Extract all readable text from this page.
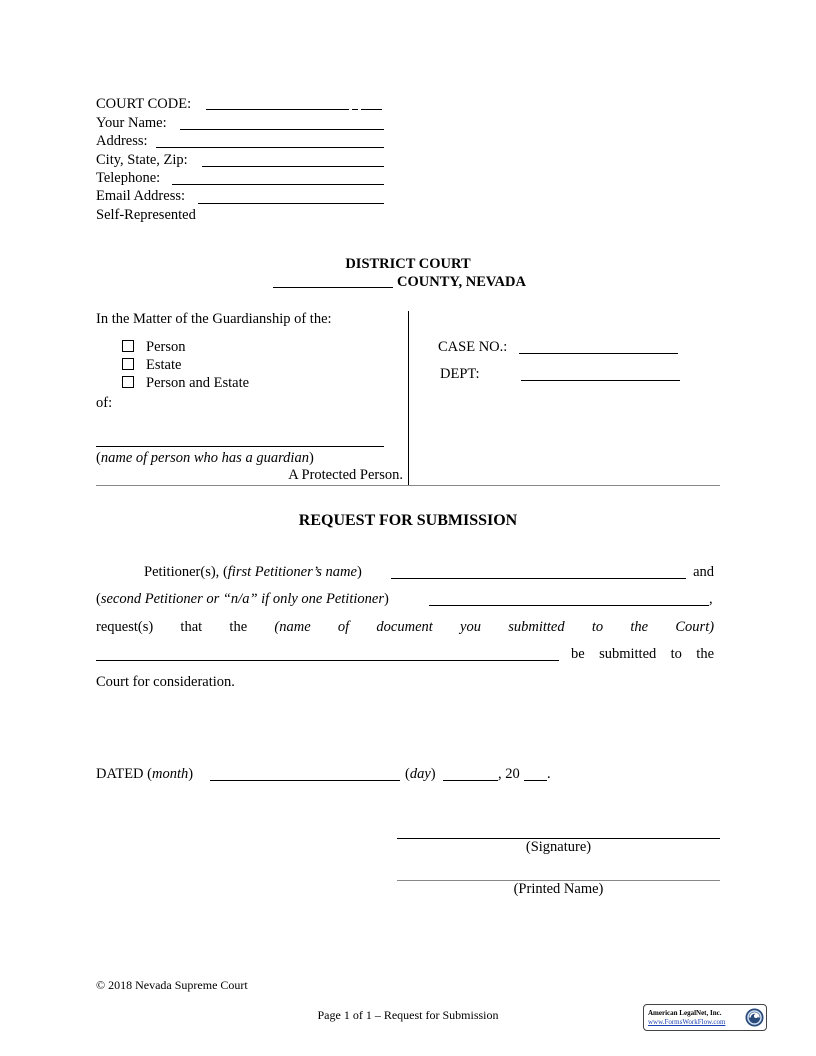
COURT CODE:
Your Name:
Address:
City, State, Zip:
Telephone:
Email Address:
Self-Represented
DISTRICT COURT
COUNTY, NEVADA
In the Matter of the Guardianship of the:
Person
Estate
Person and Estate
of:
(name of person who has a guardian)
A Protected Person.
CASE NO.:
DEPT:
REQUEST FOR SUBMISSION
Petitioner(s), (first Petitioner’s name)	and
(second Petitioner or “n/a” if only one Petitioner)	,
request(s) that the (name of document you submitted to the Court)
be submitted to the
Court for consideration.
DATED (month)	(day)	, 20 .
(Signature)
(Printed Name)
© 2018 Nevada Supreme Court
Page 1 of 1 – Request for Submission	American LegalNet, Inc.
www.FormsWorkFlow.com
